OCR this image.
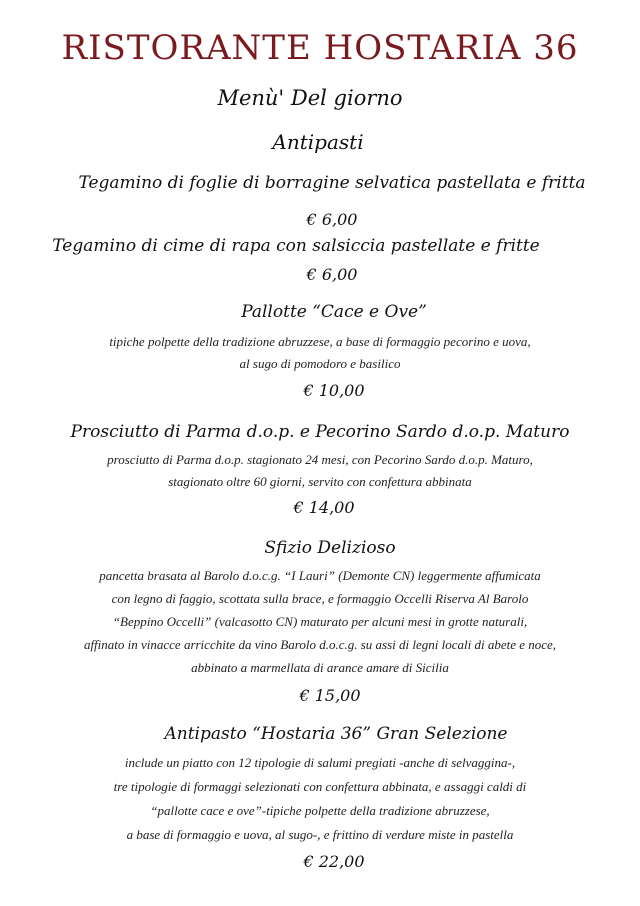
RISTORANTE HOSTARIA 36
Menù' Del giorno
Antipasti
Tegamino di foglie di borragine selvatica pastellata e fritta
€ 6,00
Tegamino di cime di rapa con salsiccia pastellate e fritte
€ 6,00
Pallotte “Cace e Ove”
tipiche polpette della tradizione abruzzese, a base di formaggio pecorino e uova,
al sugo di pomodoro e basilico
€ 10,00
Prosciutto di Parma d.o.p. e Pecorino Sardo d.o.p. Maturo
prosciutto di Parma d.o.p. stagionato 24 mesi, con Pecorino Sardo d.o.p. Maturo,
stagionato oltre 60 giorni, servito con confettura abbinata
€ 14,00
Sfizio Delizioso
pancetta brasata al Barolo d.o.c.g. “I Lauri” (Demonte CN) leggermente affumicata
con legno di faggio, scottata sulla brace, e formaggio Occelli Riserva Al Barolo
“Beppino Occelli” (valcasotto CN) maturato per alcuni mesi in grotte naturali,
affinato in vinacce arricchite da vino Barolo d.o.c.g. su assi di legni locali di abete e noce,
abbinato a marmellata di arance amare di Sicilia
€ 15,00
Antipasto “Hostaria 36” Gran Selezione
include un piatto con 12 tipologie di salumi pregiati -anche di selvaggina-,
tre tipologie di formaggi selezionati con confettura abbinata, e assaggi caldi di
“pallotte cace e ove”-tipiche polpette della tradizione abruzzese,
a base di formaggio e uova, al sugo-, e frittino di verdure miste in pastella
€ 22,00
